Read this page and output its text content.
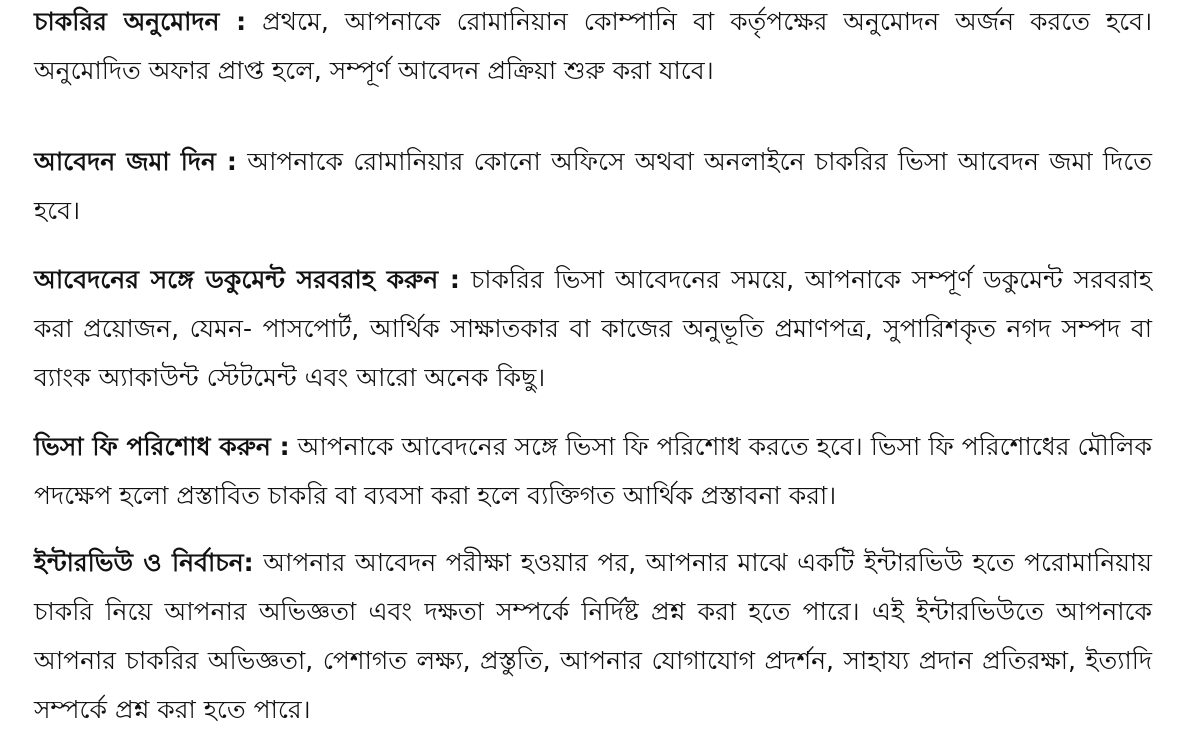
চাকরির অনুমোদন : প্রথমে, আপনাকে রোমানিয়ান কোম্পানি বা কর্তৃপক্ষের অনুমোদন অর্জন করতে হবে। অনুমোদিত অফার প্রাপ্ত হলে, সম্পূর্ণ আবেদন প্রক্রিয়া শুরু করা যাবে।

আবেদন জমা দিন : আপনাকে রোমানিয়ার কোনো অফিসে অথবা অনলাইনে চাকরির ভিসা আবেদন জমা দিতে হবে।

আবেদনের সঙ্গে ডকুমেন্ট সরবরাহ করুন : চাকরির ভিসা আবেদনের সময়ে, আপনাকে সম্পূর্ণ ডকুমেন্ট সরবরাহ করা প্রয়োজন, যেমন- পাসপোর্ট, আর্থিক সাক্ষাতকার বা কাজের অনুভূতি প্রমাণপত্র, সুপারিশকৃত নগদ সম্পদ বা ব্যাংক অ্যাকাউন্ট স্টেটমেন্ট এবং আরো অনেক কিছু।

ভিসা ফি পরিশোধ করুন : আপনাকে আবেদনের সঙ্গে ভিসা ফি পরিশোধ করতে হবে। ভিসা ফি পরিশোধের মৌলিক পদক্ষেপ হলো প্রস্তাবিত চাকরি বা ব্যবসা করা হলে ব্যক্তিগত আর্থিক প্রস্তাবনা করা।

ইন্টারভিউ ও নির্বাচন: আপনার আবেদন পরীক্ষা হওয়ার পর, আপনার মাঝে একটি ইন্টারভিউ হতে পরোমানিয়ায় চাকরি নিয়ে আপনার অভিজ্ঞতা এবং দক্ষতা সম্পর্কে নির্দিষ্ট প্রশ্ন করা হতে পারে। এই ইন্টারভিউতে আপনাকে আপনার চাকরির অভিজ্ঞতা, পেশাগত লক্ষ্য, প্রস্তুতি, আপনার যোগাযোগ প্রদর্শন, সাহায্য প্রদান প্রতিরক্ষা, ইত্যাদি সম্পর্কে প্রশ্ন করা হতে পারে।
